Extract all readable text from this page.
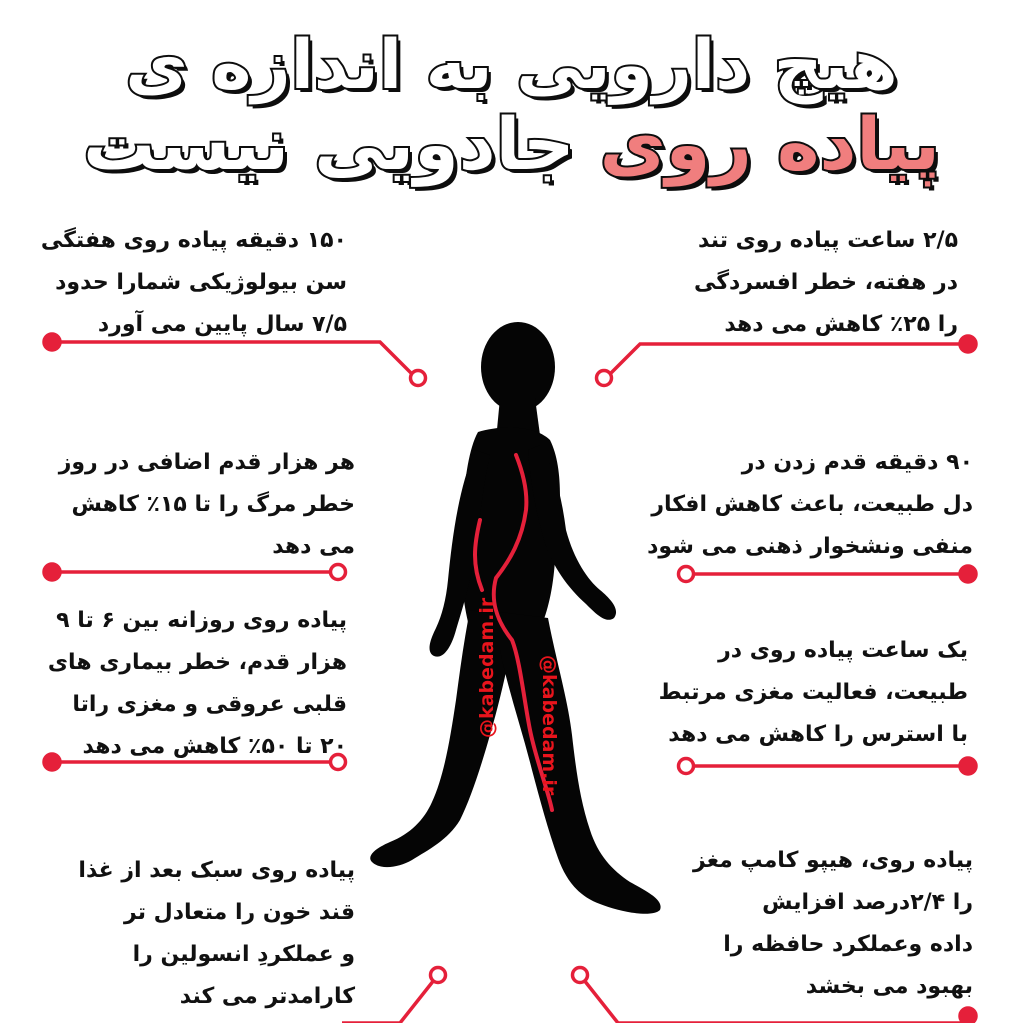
هیچ دارویی به اندازه ی
پیاده روی جادویی نیست
@kabedam.ir @kabedam.ir
۱۵۰ دقیقه پیاده روی هفتگی
سن بیولوژیکی شمارا حدود
۷/۵ سال پایین می آورد
۲/۵ ساعت پیاده روی تند
در هفته، خطر افسردگی
را ۲۵٪ کاهش می دهد
هر هزار قدم اضافی در روز
خطر مرگ را تا ۱۵٪ کاهش
می دهد
۹۰ دقیقه قدم زدن در
دل طبیعت، باعث کاهش افکار
منفی ونشخوار ذهنی می شود
پیاده روی روزانه بین ۶ تا ۹
هزار قدم، خطر بیماری های
قلبی عروقی و مغزی راتا
۲۰ تا ۵۰٪ کاهش می دهد
یک ساعت پیاده روی در
طبیعت، فعالیت مغزی مرتبط
با استرس را کاهش می دهد
پیاده روی سبک بعد از غذا
قند خون را متعادل تر
و عملکردِ انسولین را
کارامدتر می کند
پیاده روی، هیپو کامپ مغز
را ۲/۴درصد افزایش
داده وعملکرد حافظه را
بهبود می بخشد
